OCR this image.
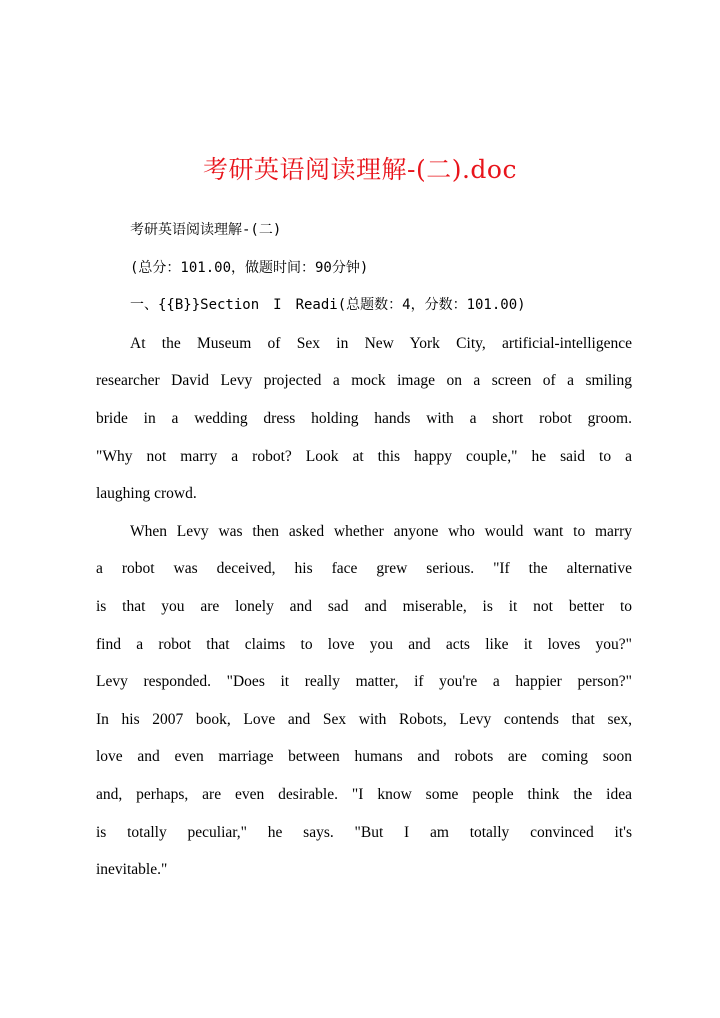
考研英语阅读理解-(二).doc
考研英语阅读理解-(二)
(总分：101.00，做题时间：90分钟)
一、{{B}}Section　I　Readi(总题数：4，分数：101.00)
At the Museum of Sex in New York City, artificial-intelligence
researcher David Levy projected a mock image on a screen of a smiling
bride in a wedding dress holding hands with a short robot groom.
"Why not marry a robot? Look at this happy couple," he said to a
laughing crowd.
When Levy was then asked whether anyone who would want to marry
a robot was deceived, his face grew serious. "If the alternative
is that you are lonely and sad and miserable, is it not better to
find a robot that claims to love you and acts like it loves you?"
Levy responded. "Does it really matter, if you're a happier person?"
In his 2007 book, Love and Sex with Robots, Levy contends that sex,
love and even marriage between humans and robots are coming soon
and, perhaps, are even desirable. "I know some people think the idea
is totally peculiar," he says. "But I am totally convinced it's
inevitable."
